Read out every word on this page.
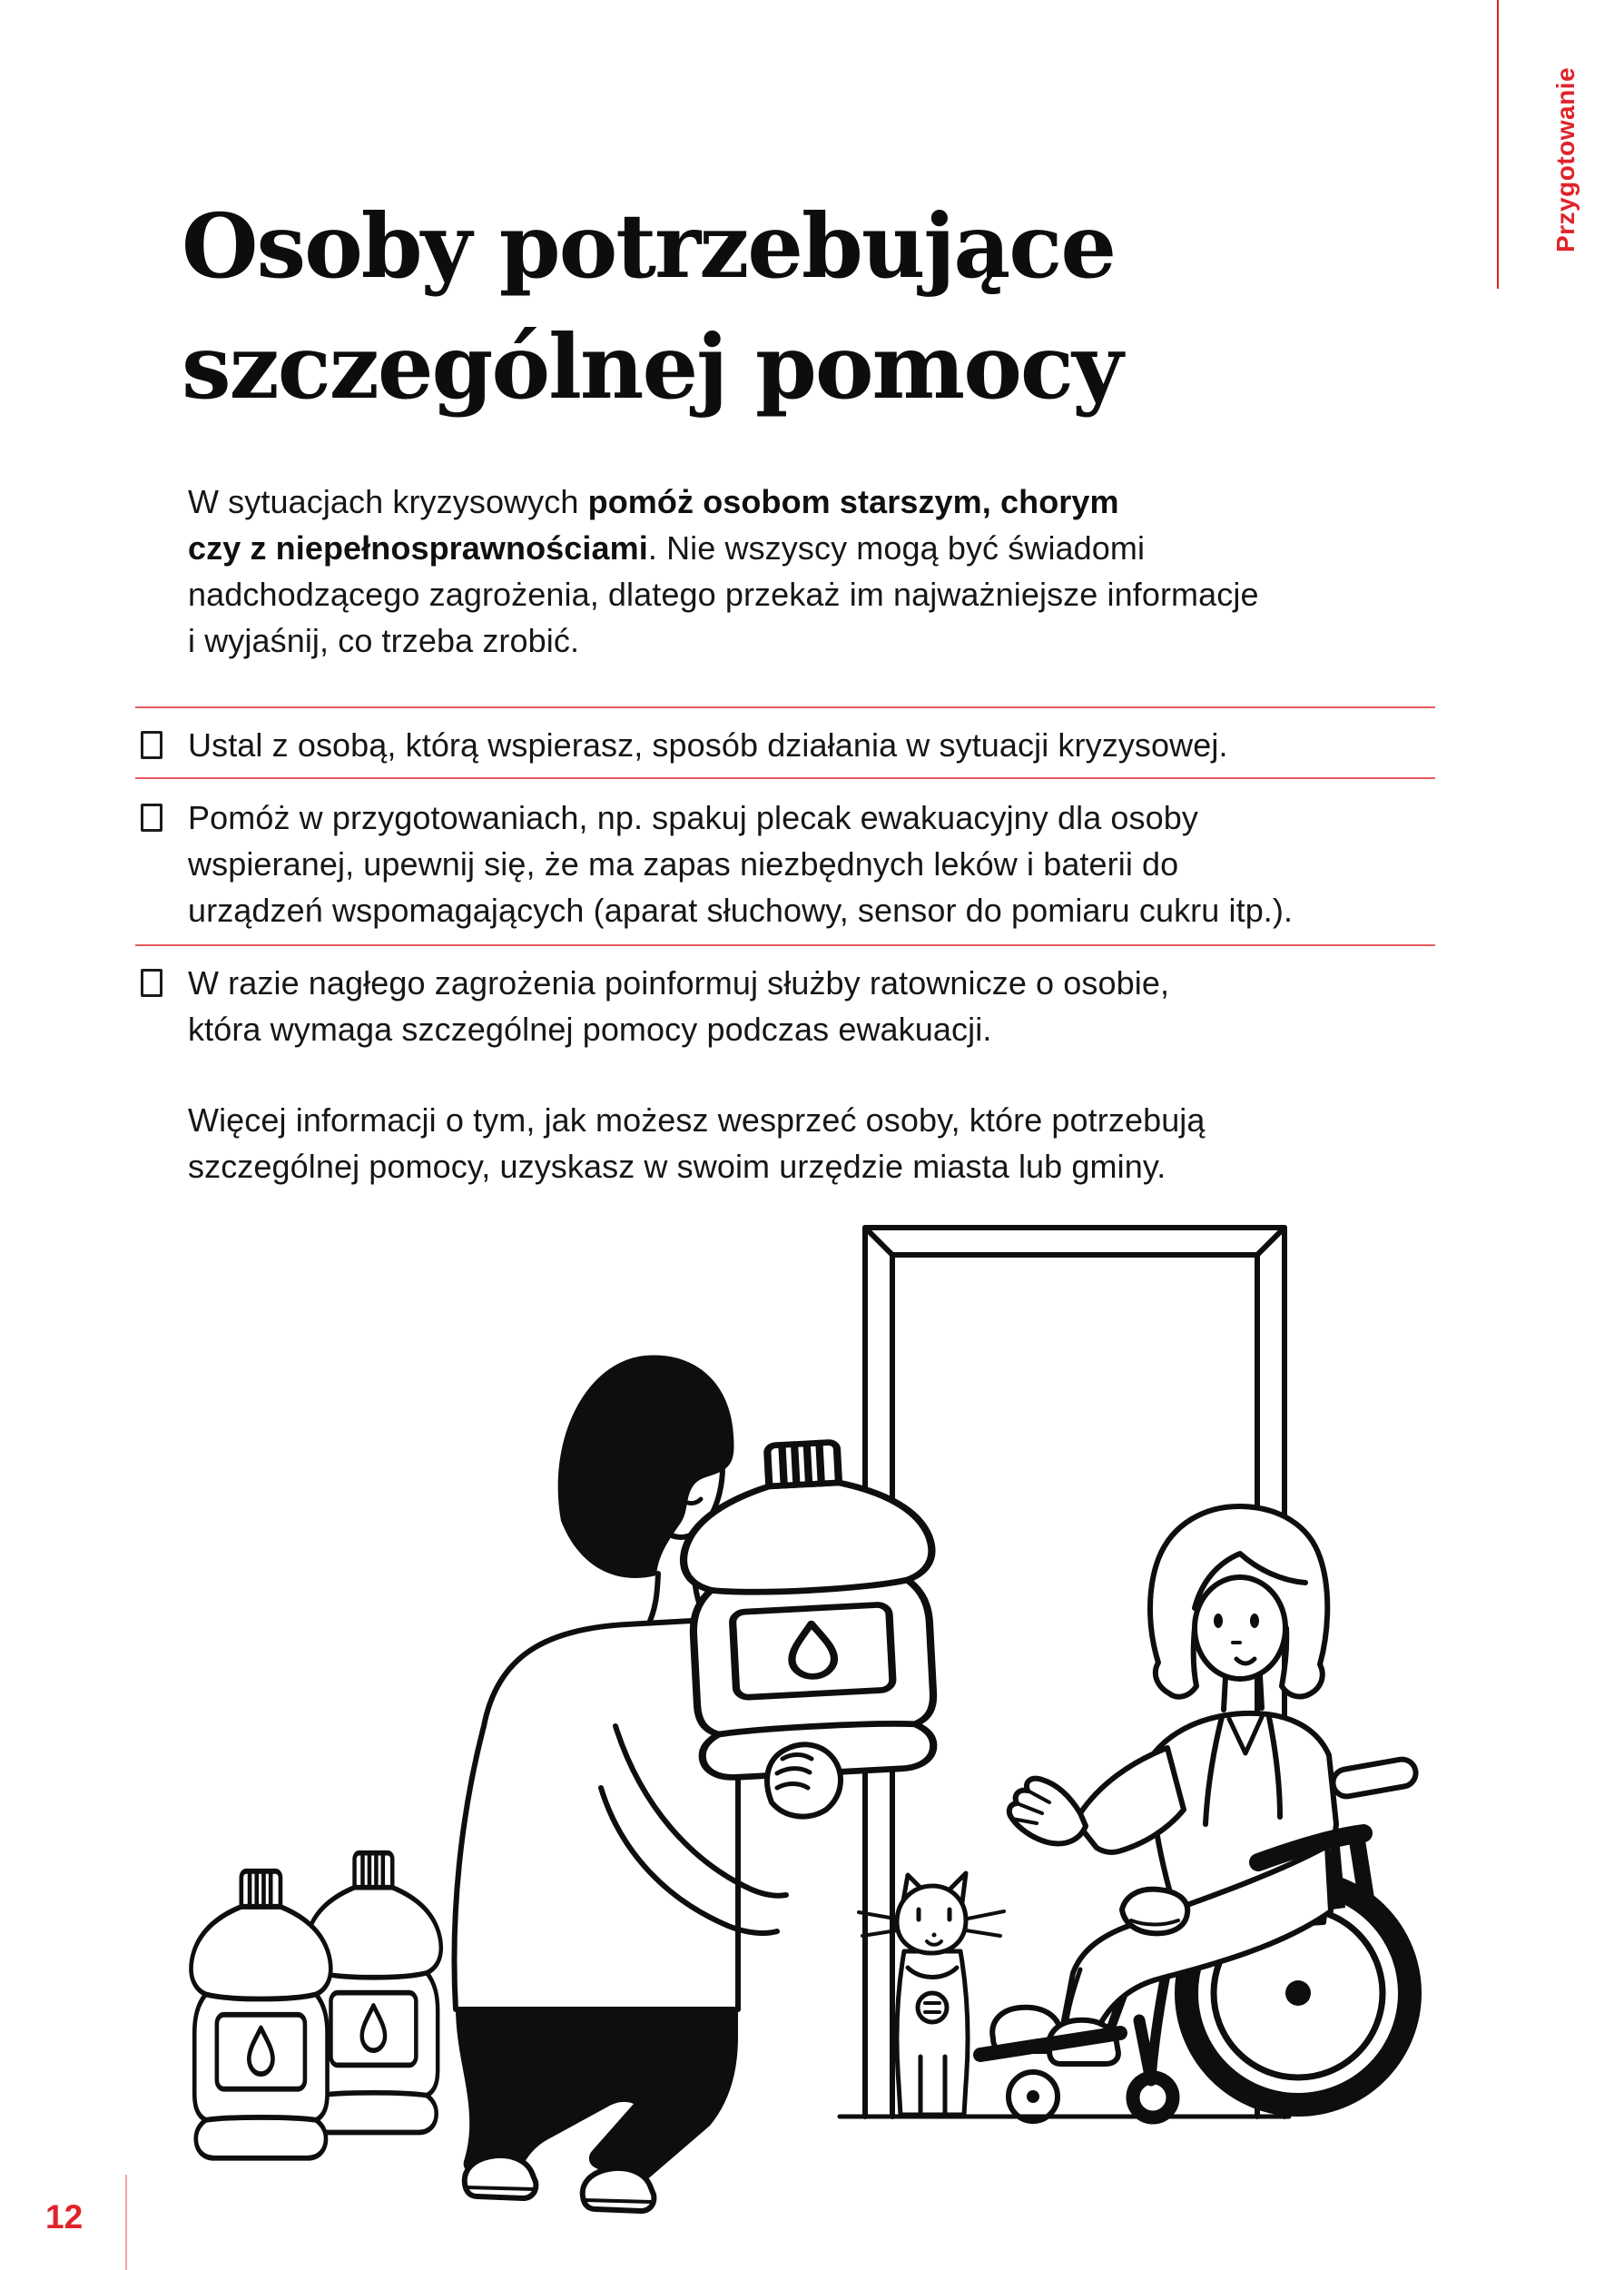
Przygotowanie
Osoby potrzebujące
szczególnej pomocy
W sytuacjach kryzysowych pomóż osobom starszym, chorym
czy z niepełnosprawnościami. Nie wszyscy mogą być świadomi
nadchodzącego zagrożenia, dlatego przekaż im najważniejsze informacje
i wyjaśnij, co trzeba zrobić.
Ustal z osobą, którą wspierasz, sposób działania w sytuacji kryzysowej.
Pomóż w przygotowaniach, np. spakuj plecak ewakuacyjny dla osoby
wspieranej, upewnij się, że ma zapas niezbędnych leków i baterii do
urządzeń wspomagających (aparat słuchowy, sensor do pomiaru cukru itp.).
W razie nagłego zagrożenia poinformuj służby ratownicze o osobie,
która wymaga szczególnej pomocy podczas ewakuacji.
Więcej informacji o tym, jak możesz wesprzeć osoby, które potrzebują
szczególnej pomocy, uzyskasz w swoim urzędzie miasta lub gminy.
12
